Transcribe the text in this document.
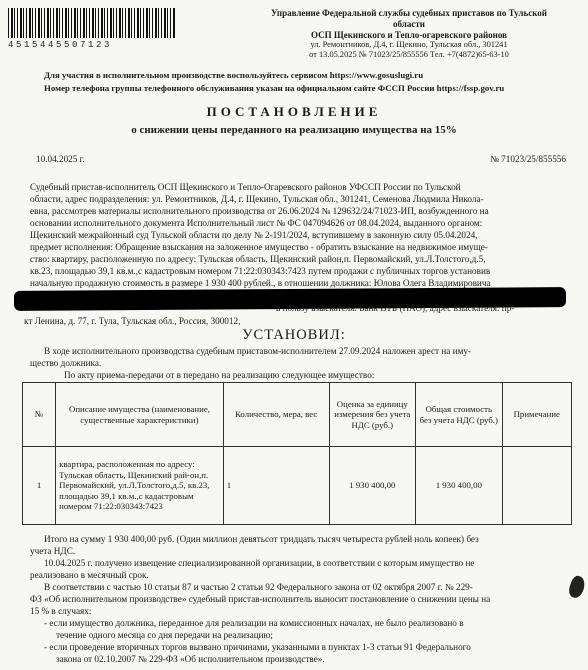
4515445507123
Управление Федеральной службы судебных приставов по Тульской
области
ОСП Щекинского и Тепло-огаревского районов
ул. Ремонтников, Д.4, г. Щекино, Тульская обл., 301241
от 13.05.2025 № 71023/25/855556 Тел. +7(4872)65-63-10
Для участия в исполнительном производстве воспользуйтесь сервисом https://www.gosuslugi.ru
Номер телефона группы телефонного обслуживания указан на официальном сайте ФССП России https://fssp.gov.ru
ПОСТАНОВЛЕНИЕ
о снижении цены переданного на реализацию имущества на 15%
10.04.2025 г.	№ 71023/25/855556
Судебный пристав-исполнитель ОСП Щекинского и Тепло-Огаревского районов УФССП России по Тульской
области, адрес подразделения: ул. Ремонтников, Д.4, г. Щекино, Тульская обл., 301241, Семенова Людмила Никола-
евна, рассмотрев материалы исполнительного производства от 26.06.2024 № 129632/24/71023-ИП, возбужденного на
основании исполнительного документа Исполнительный лист № ФС 047094626 от 08.04.2024, выданного органом:
Щекинский межрайонный суд Тульской области по делу № 2-191/2024, вступившему в законную силу 05.04.2024,
предмет исполнения: Обращение взыскания на заложенное имущество - обратить взыскание на недвижимое имуще-
ство: квартиру, расположенную по адресу: Тульская область, Щекинский район,п. Первомайский, ул.Л.Толстого,д.5,
кв.23, площадью 39,1 кв.м.,с кадастровым номером 71:22:030343:7423 путем продажи с публичных торгов установив
начальную продажную стоимость в размере 1 930 400 рублей., в отношении должника: Юлова Олега Владимировича
в пользу взыскателя: Банк ВТБ (ПАО), адрес взыскателя: пр-
кт Ленина, д. 77, г. Тула, Тульская обл., Россия, 300012,
УСТАНОВИЛ:
В ходе исполнительного производства судебным приставом-исполнителем 27.09.2024 наложен арест на иму-
щество должника.
По акту приема-передачи от в передано на реализацию следующее имущество:
№	Описание имущества (наименование, существенные характеристики)	Количество, мера, вес	Оценка за единицу измерения без учета НДС (руб.)	Общая стоимость без учета НДС (руб.)	Примечание
1	квартира, расположенная по адресу: Тульская область, Щекинский рай-он,п. Первомайский, ул.Л.Толстого,д.5, кв.23, площадью 39,1 кв.м.,с кадастровым номером 71:22:030343:7423	1	1 930 400,00	1 930 400,00	
Итого на сумму 1 930 400,00 руб. (Один миллион девятьсот тридцать тысяч четыреста рублей ноль копеек) без
учета НДС.
10.04.2025 г. получено извещение специализированной организации, в соответствии с которым имущество не
реализовано в месячный срок.
В соответствии с частью 10 статьи 87 и частью 2 статьи 92 Федерального закона от 02 октября 2007 г. № 229-
ФЗ «Об исполнительном производстве» судебный пристав-исполнитель выносит постановление о снижении цены на
15 % в случаях:
- если имущество должника, переданное для реализации на комиссионных началах, не было реализовано в
течение одного месяца со дня передачи на реализацию;
- если проведение вторичных торгов вызвано причинами, указанными в пунктах 1-3 статьи 91 Федерального
закона от 02.10.2007 № 229-ФЗ «Об исполнительном производстве».
